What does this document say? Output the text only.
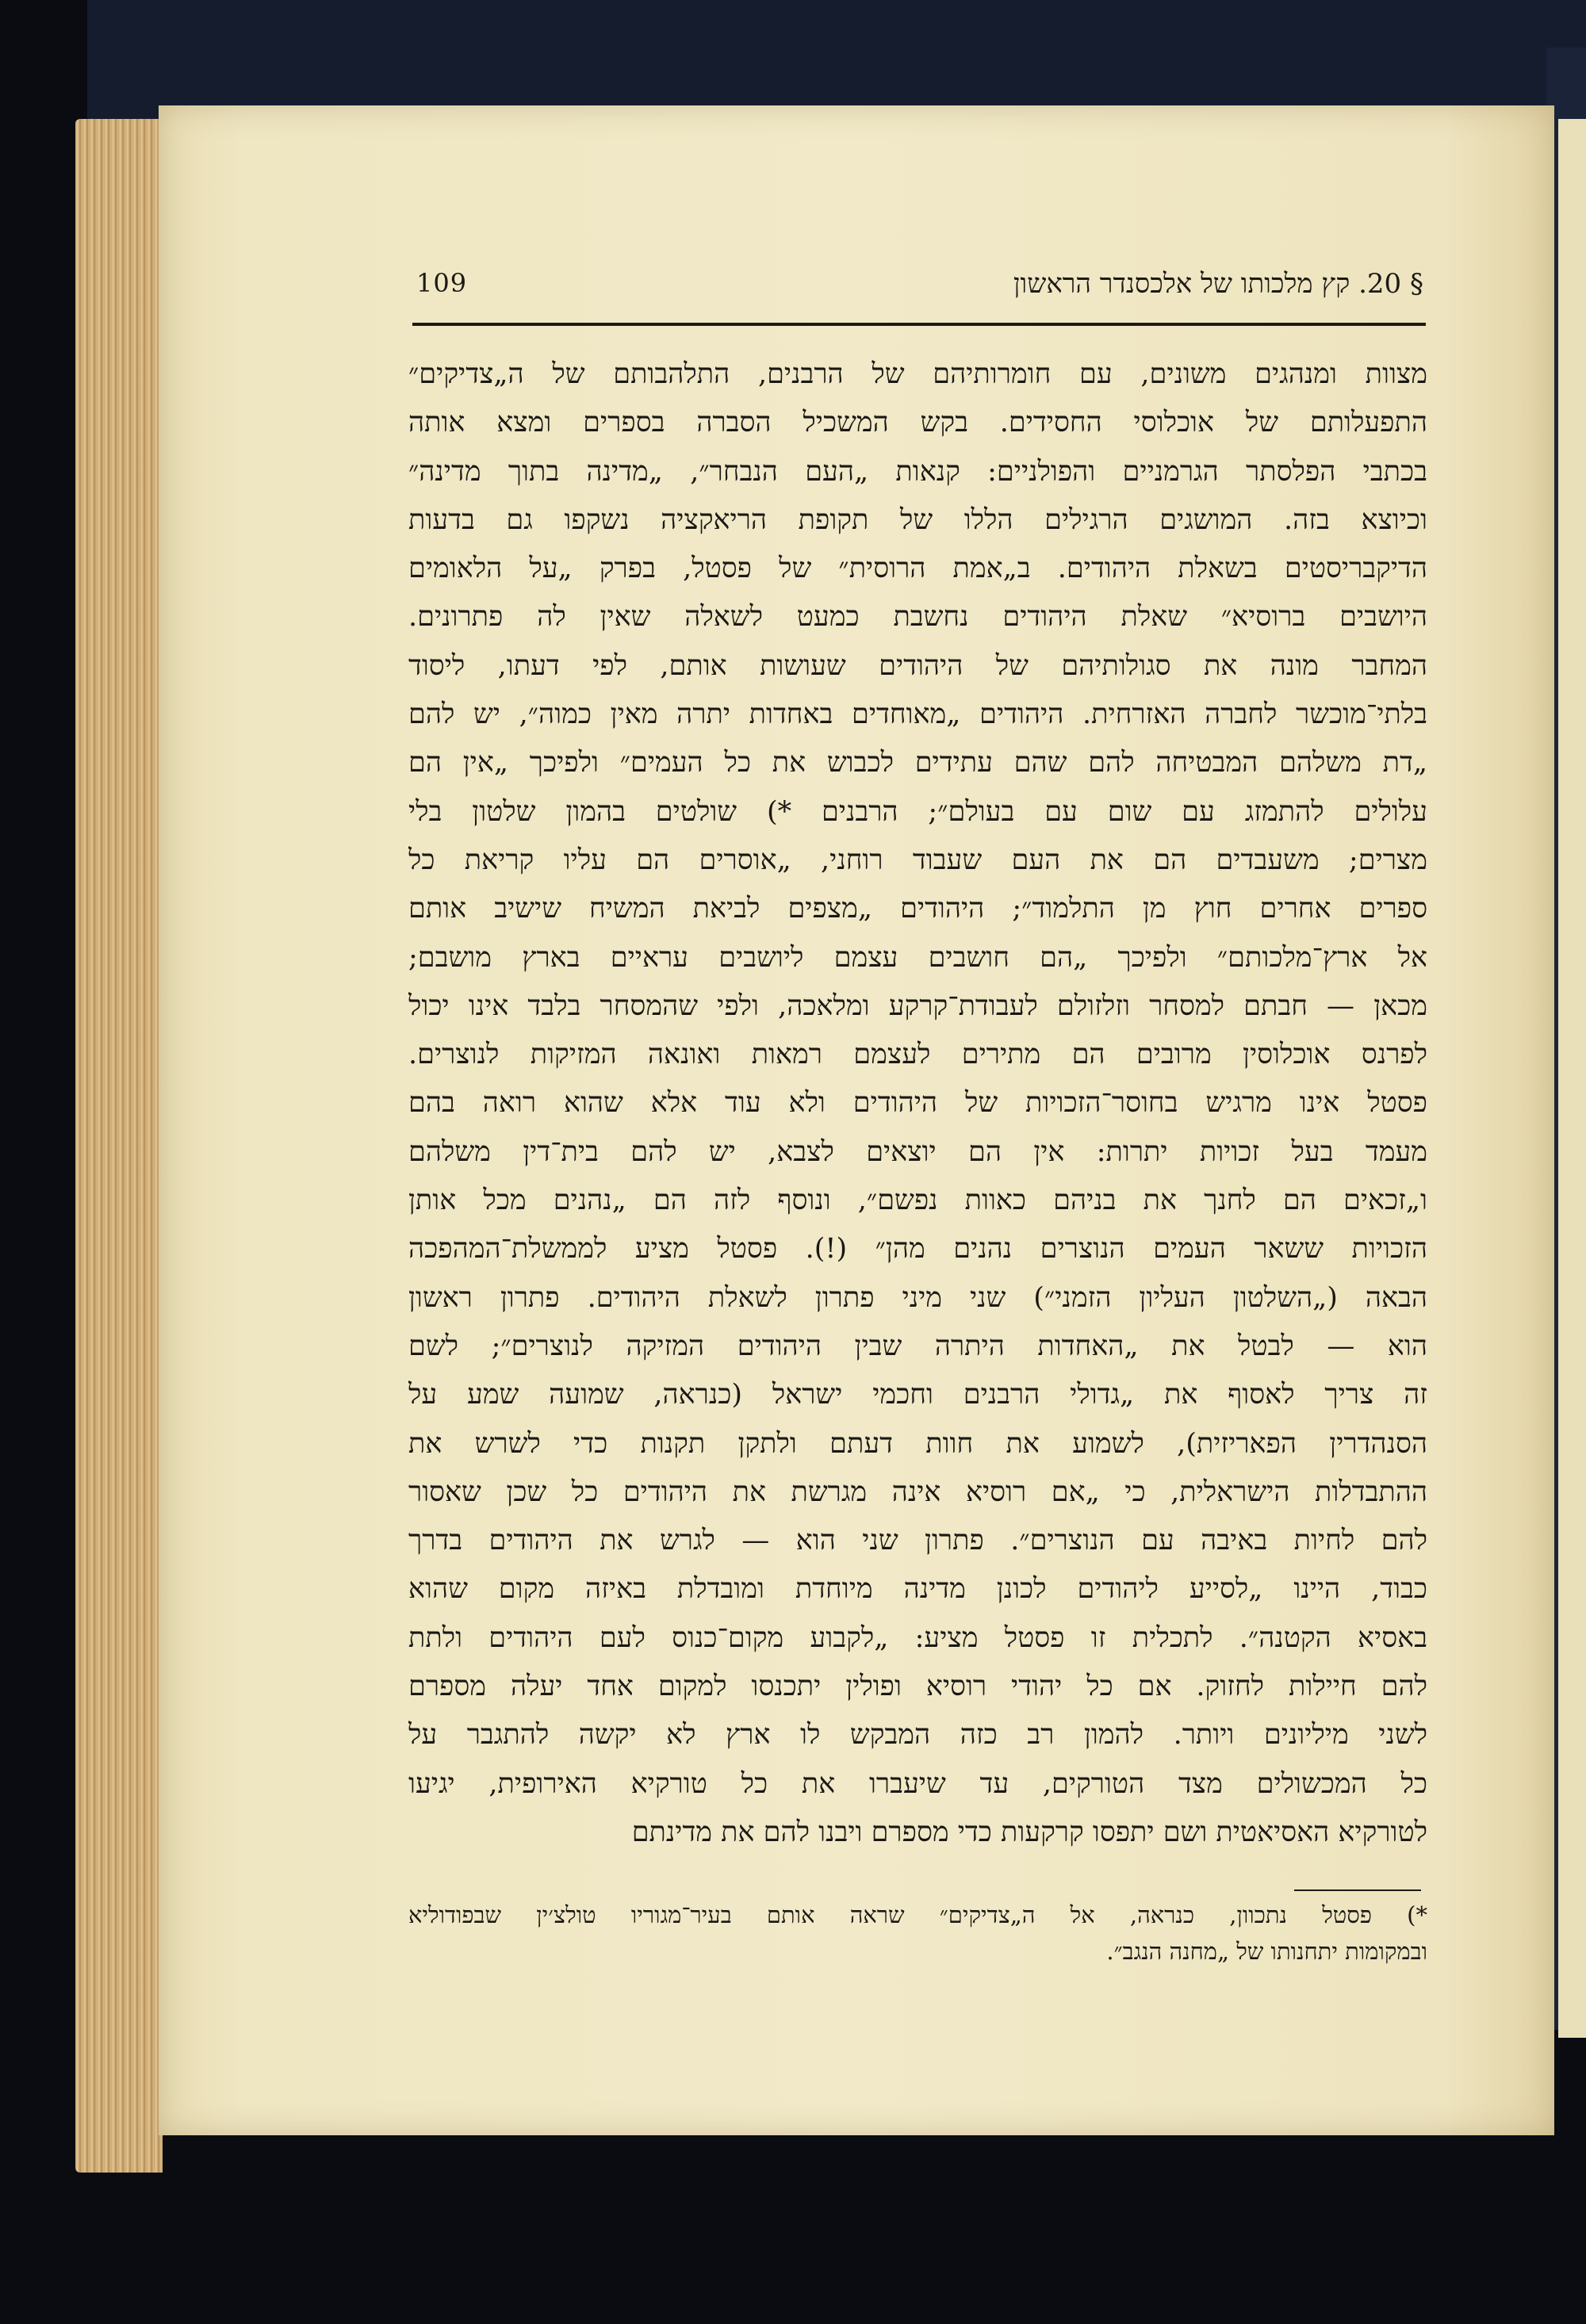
109	§ 20. קץ מלכותו של אלכסנדר הראשון
מצוות ומנהגים משונים, עם חומרותיהם של הרבנים, התלהבותם של ה„צדיקים״
התפעלותם של אוכלוסי החסידים. בקש המשכיל הסברה בספרים ומצא אותה
בכתבי הפלסתר הגרמניים והפולניים: קנאות „העם הנבחר״, „מדינה בתוך מדינה״
וכיוצא בזה. המושגים הרגילים הללו של תקופת הריאקציה נשקפו גם בדעות
הדיקבריסטים בשאלת היהודים. ב„אמת הרוסית״ של פסטל, בפרק „על הלאומים
היושבים ברוסיא״ שאלת היהודים נחשבת כמעט לשאלה שאין לה פתרונים.
המחבר מונה את סגולותיהם של היהודים שעושות אותם, לפי דעתו, ליסוד
בלתי־מוכשר לחברה האזרחית. היהודים „מאוחדים באחדות יתרה מאין כמוה״, יש להם
„דת משלהם המבטיחה להם שהם עתידים לכבוש את כל העמים״ ולפיכך „אין הם
עלולים להתמזג עם שום עם בעולם״; הרבנים *) שולטים בהמון שלטון בלי
מצרים; משעבדים הם את העם שעבוד רוחני, „אוסרים הם עליו קריאת כל
ספרים אחרים חוץ מן התלמוד״; היהודים „מצפים לביאת המשיח שישיב אותם
אל ארץ־מלכותם״ ולפיכך „הם חושבים עצמם ליושבים עראיים בארץ מושבם;
מכאן — חבתם למסחר וזלזולם לעבודת־קרקע ומלאכה, ולפי שהמסחר בלבד אינו יכול
לפרנס אוכלוסין מרובים הם מתירים לעצמם רמאות ואונאה המזיקות לנוצרים.
פסטל אינו מרגיש בחוסר־הזכויות של היהודים ולא עוד אלא שהוא רואה בהם
מעמד בעל זכויות יתרות: אין הם יוצאים לצבא, יש להם בית־דין משלהם
ו„זכאים הם לחנך את בניהם כאוות נפשם״, ונוסף לזה הם „נהנים מכל אותן
הזכויות ששאר העמים הנוצרים נהנים מהן״ (!). פסטל מציע לממשלת־המהפכה
הבאה („השלטון העליון הזמני״) שני מיני פתרון לשאלת היהודים. פתרון ראשון
הוא — לבטל את „האחדות היתרה שבין היהודים המזיקה לנוצרים״; לשם
זה צריך לאסוף את „גדולי הרבנים וחכמי ישראל (כנראה, שמועה שמע על
הסנהדרין הפאריזית), לשמוע את חוות דעתם ולתקן תקנות כדי לשרש את
ההתבדלות הישראלית, כי „אם רוסיא אינה מגרשת את היהודים כל שכן שאסור
להם לחיות באיבה עם הנוצרים״. פתרון שני הוא — לגרש את היהודים בדרך
כבוד, היינו „לסייע ליהודים לכונן מדינה מיוחדת ומובדלת באיזה מקום שהוא
באסיא הקטנה״. לתכלית זו פסטל מציע: „לקבוע מקום־כנוס לעם היהודים ולתת
להם חיילות לחזוק. אם כל יהודי רוסיא ופולין יתכנסו למקום אחד יעלה מספרם
לשני מיליונים ויותר. להמון רב כזה המבקש לו ארץ לא יקשה להתגבר על
כל המכשולים מצד הטורקים, עד שיעברו את כל טורקיא האירופית, יגיעו
לטורקיא האסיאטית ושם יתפסו קרקעות כדי מספרם ויבנו להם את מדינתם
*) פסטל נתכוון, כנראה, אל ה„צדיקים״ שראה אותם בעיר־מגוריו טולצ׳ין שבפודוליא
ובמקומות יתחנותו של „מחנה הנגב״.
